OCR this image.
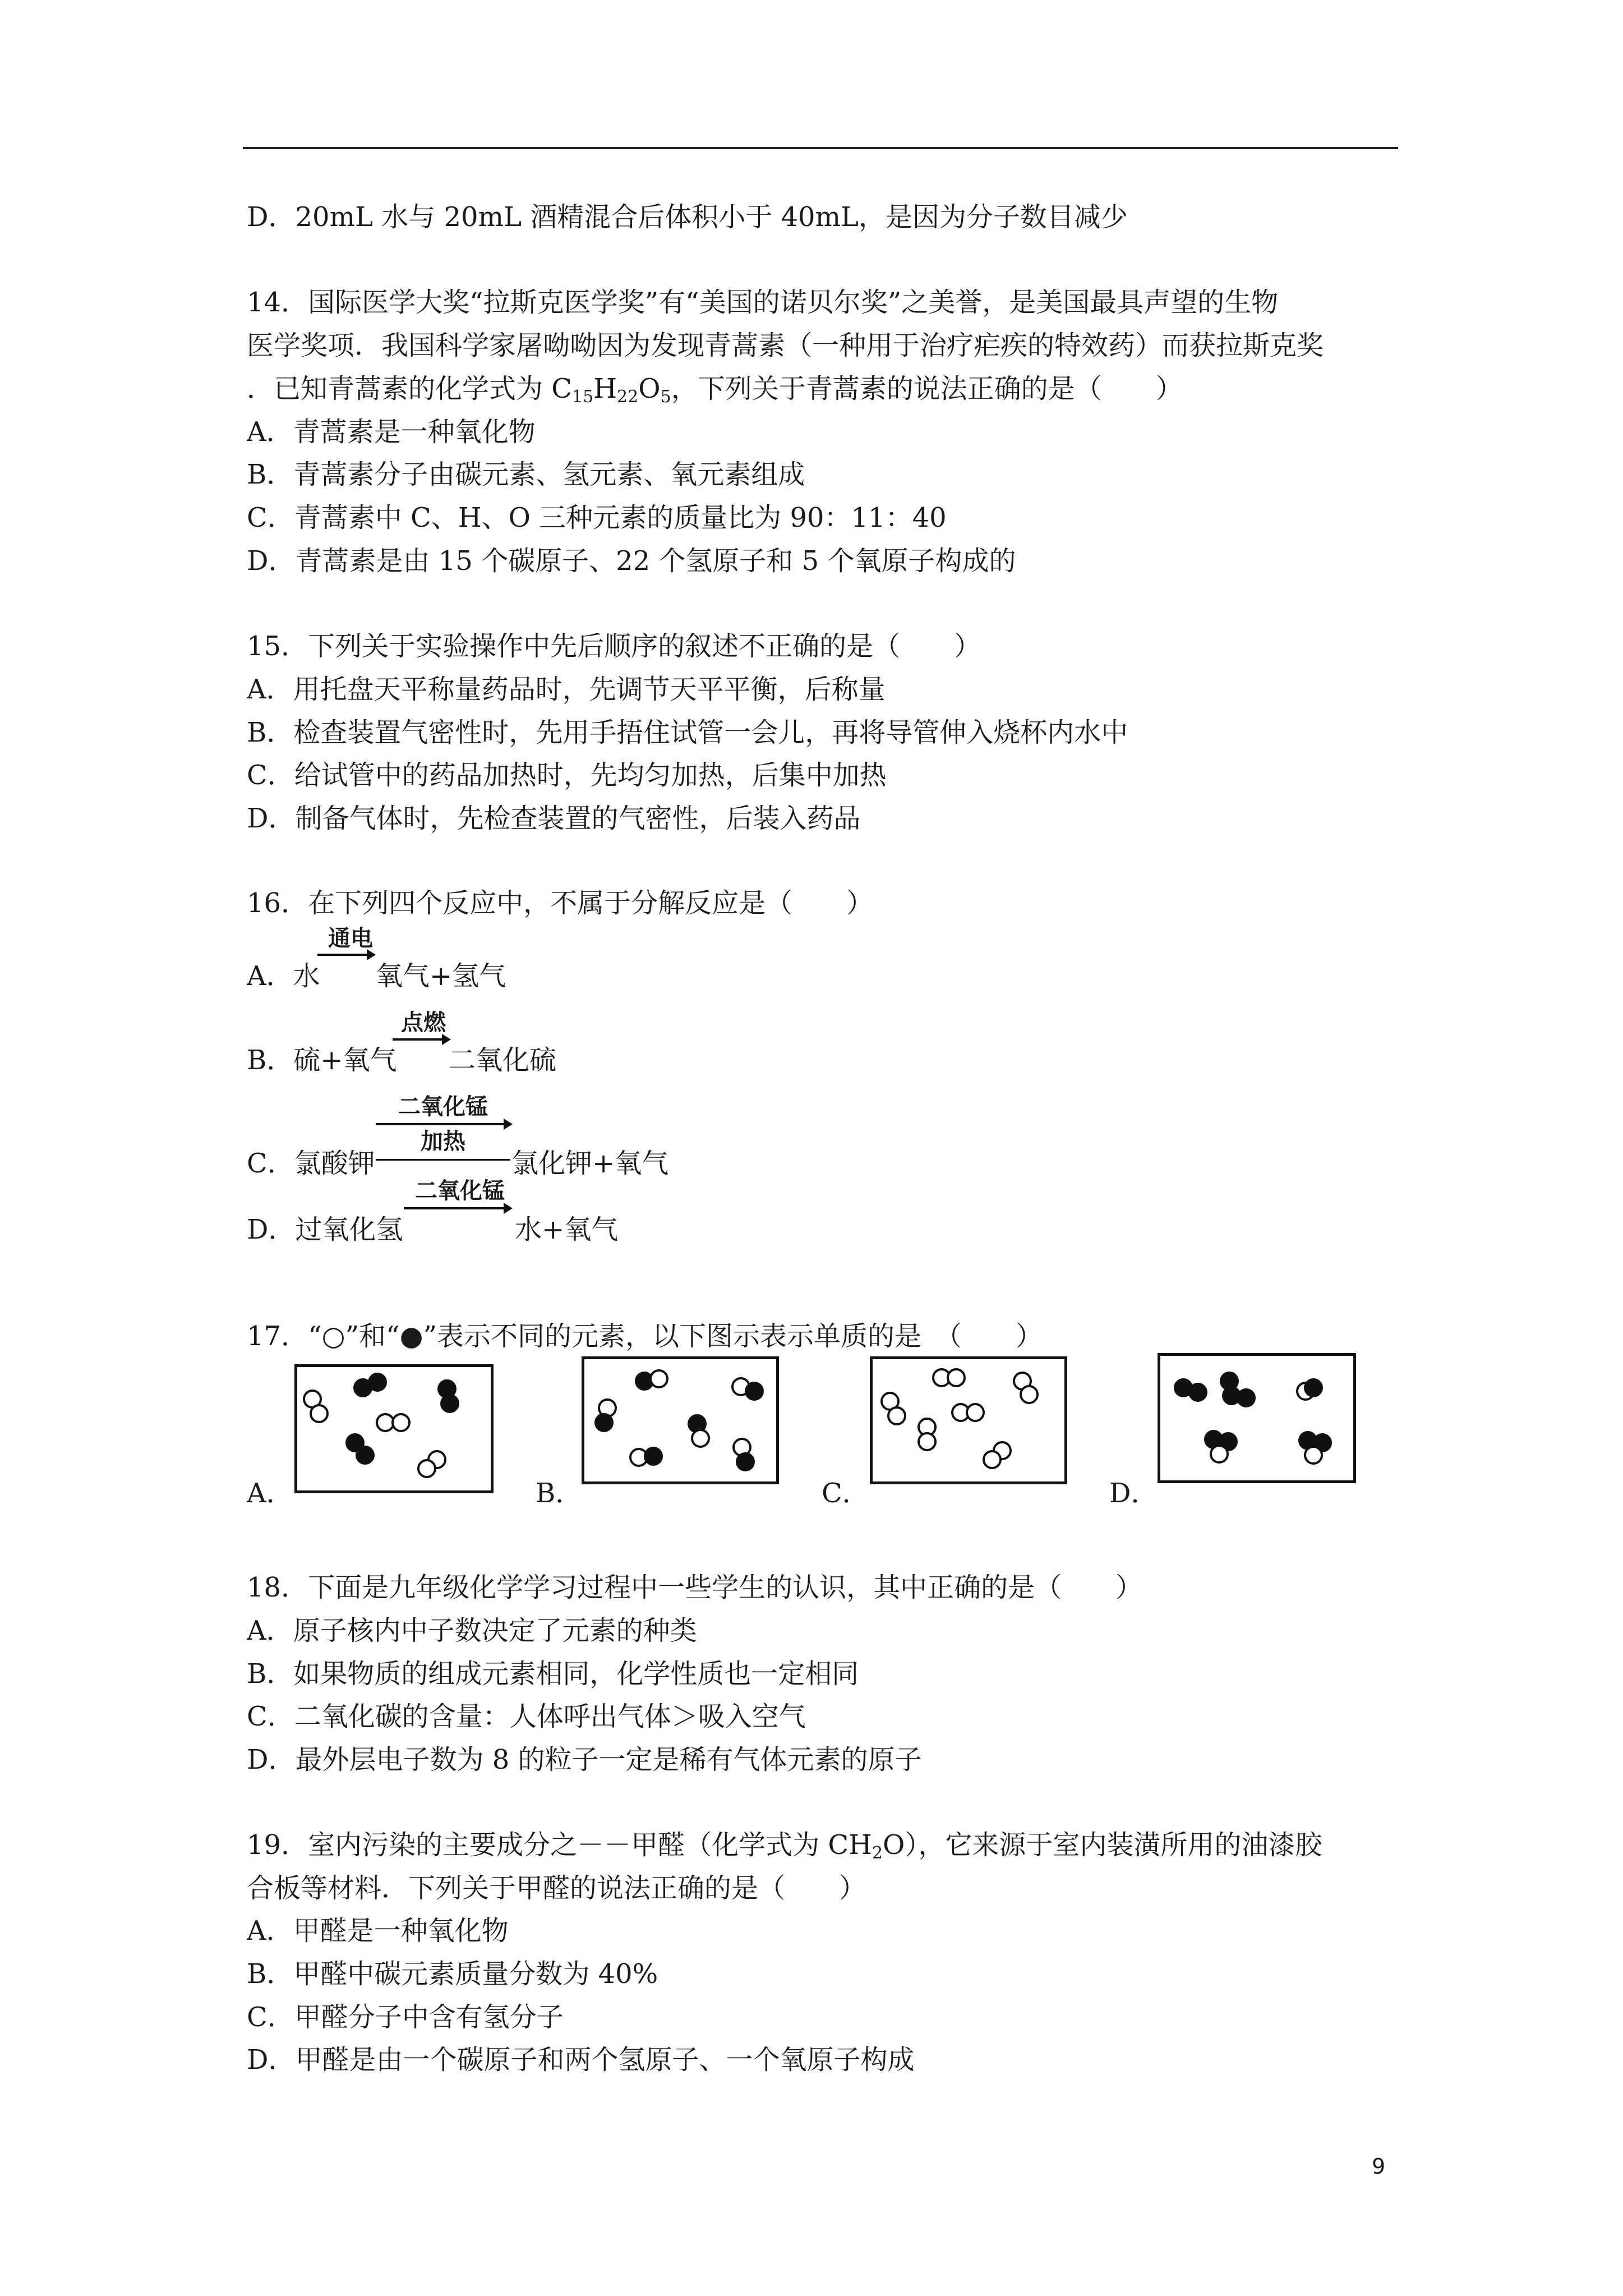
D．20mL 水与 20mL 酒精混合后体积小于 40mL，是因为分子数目减少
14．国际医学大奖“拉斯克医学奖”有“美国的诺贝尔奖”之美誉，是美国最具声望的生物
医学奖项．我国科学家屠呦呦因为发现青蒿素（一种用于治疗疟疾的特效药）而获拉斯克奖
．已知青蒿素的化学式为 $C_{15}H_{22}O_5$，下列关于青蒿素的说法正确的是（　　）
A．青蒿素是一种氧化物
B．青蒿素分子由碳元素、氢元素、氧元素组成
C．青蒿素中 C、H、O 三种元素的质量比为 90：11：40
D．青蒿素是由 15 个碳原子、22 个氢原子和 5 个氧原子构成的
15．下列关于实验操作中先后顺序的叙述不正确的是（　　）
A．用托盘天平称量药品时，先调节天平平衡，后称量
B．检查装置气密性时，先用手捂住试管一会儿，再将导管伸入烧杯内水中
C．给试管中的药品加热时，先均匀加热，后集中加热
D．制备气体时，先检查装置的气密性，后装入药品
16．在下列四个反应中，不属于分解反应是（　　）
通电
A．水 氧气+氢气
点燃
B．硫+氧气 二氧化硫
二氧化锰
加热
C．氯酸钾	氯化钾+氧气
二氧化锰
D．过氧化氢	水+氧气
17．“○”和“●”表示不同的元素，以下图示表示单质的是　（　　）
A．	B．	C．	D．
18．下面是九年级化学学习过程中一些学生的认识，其中正确的是（　　）
A．原子核内中子数决定了元素的种类
B．如果物质的组成元素相同，化学性质也一定相同
C．二氧化碳的含量：人体呼出气体＞吸入空气
D．最外层电子数为 8 的粒子一定是稀有气体元素的原子
19．室内污染的主要成分之－－甲醛（化学式为 $CH_2O$），它来源于室内装潢所用的油漆胶
合板等材料．下列关于甲醛的说法正确的是（　　）
A．甲醛是一种氧化物
B．甲醛中碳元素质量分数为 40%
C．甲醛分子中含有氢分子
D．甲醛是由一个碳原子和两个氢原子、一个氧原子构成
9
